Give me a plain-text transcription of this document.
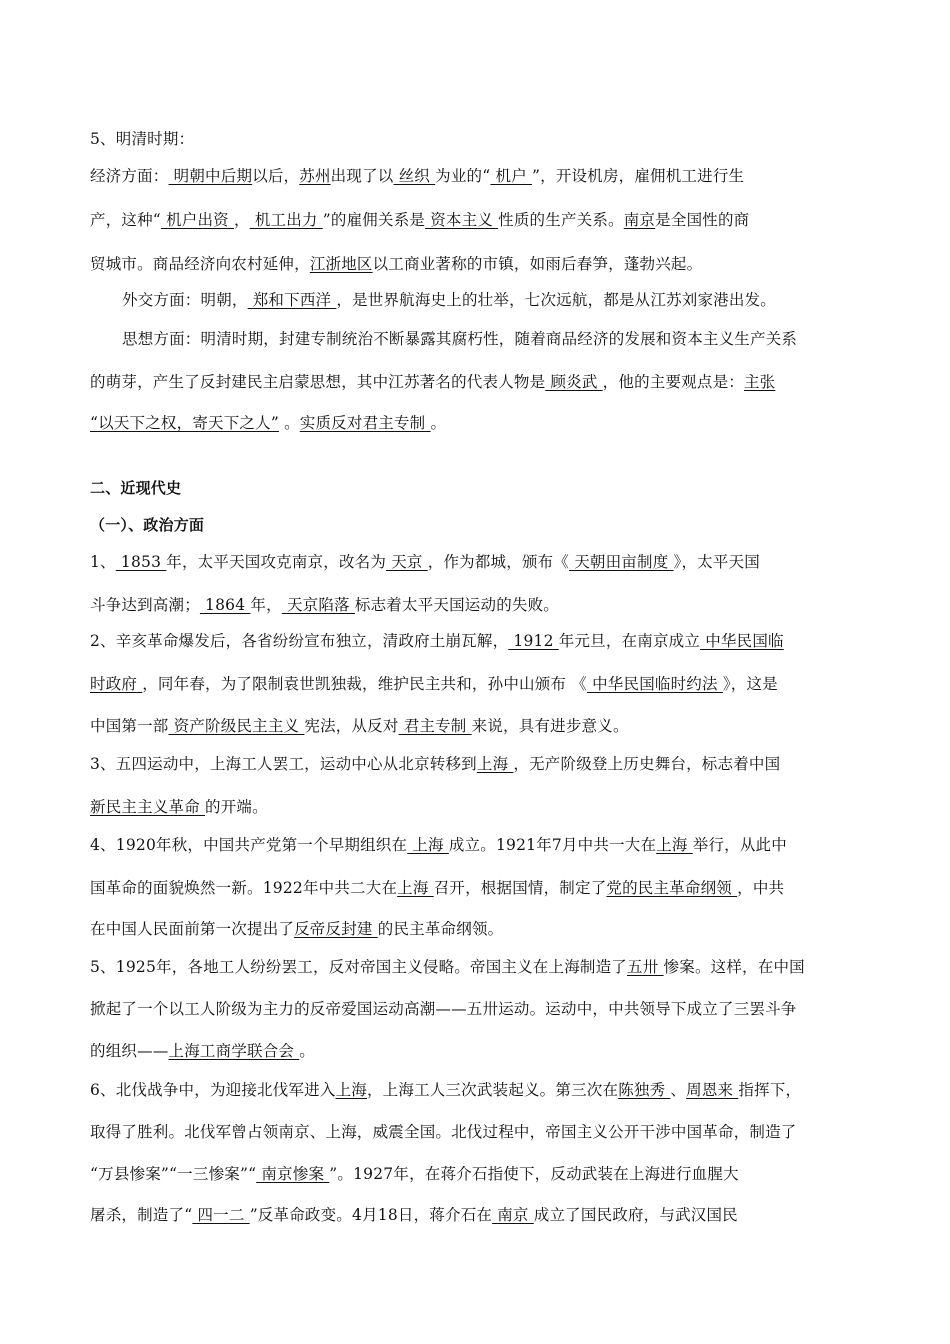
5、明清时期：
经济方面： 明朝中后期以后，苏州出现了以 丝织 为业的“ 机户 ”，开设机房，雇佣机工进行生
产，这种“ 机户出资 ， 机工出力 ”的雇佣关系是 资本主义 性质的生产关系。南京是全国性的商
贸城市。商品经济向农村延伸，江浙地区以工商业著称的市镇，如雨后春笋，蓬勃兴起。
外交方面：明朝， 郑和下西洋 ，是世界航海史上的壮举，七次远航，都是从江苏刘家港出发。
思想方面：明清时期，封建专制统治不断暴露其腐朽性，随着商品经济的发展和资本主义生产关系
的萌芽，产生了反封建民主启蒙思想，其中江苏著名的代表人物是 顾炎武 ，他的主要观点是：主张
“以天下之权，寄天下之人” 。实质反对君主专制 。
二、近现代史
（一）、政治方面
1、 1853 年，太平天国攻克南京，改名为 天京 ，作为都城，颁布《 天朝田亩制度 》，太平天国
斗争达到高潮； 1864 年， 天京陷落 标志着太平天国运动的失败。
2、辛亥革命爆发后，各省纷纷宣布独立，清政府土崩瓦解， 1912 年元旦，在南京成立 中华民国临
时政府 ，同年春，为了限制袁世凯独裁，维护民主共和，孙中山颁布 《 中华民国临时约法 》，这是
中国第一部 资产阶级民主主义 宪法，从反对 君主专制 来说，具有进步意义。
3、五四运动中，上海工人罢工，运动中心从北京转移到上海 ，无产阶级登上历史舞台，标志着中国
新民主主义革命 的开端。
4、1920年秋，中国共产党第一个早期组织在 上海 成立。1921年7月中共一大在上海 举行，从此中
国革命的面貌焕然一新。1922年中共二大在上海 召开，根据国情，制定了党的民主革命纲领 ，中共
在中国人民面前第一次提出了反帝反封建 的民主革命纲领。
5、1925年，各地工人纷纷罢工，反对帝国主义侵略。帝国主义在上海制造了五卅 惨案。这样，在中国
掀起了一个以工人阶级为主力的反帝爱国运动高潮——五卅运动。运动中，中共领导下成立了三罢斗争
的组织——上海工商学联合会 。
6、北伐战争中，为迎接北伐军进入上海，上海工人三次武装起义。第三次在陈独秀 、周恩来 指挥下，
取得了胜利。北伐军曾占领南京、上海，威震全国。北伐过程中，帝国主义公开干涉中国革命，制造了
“万县惨案”“一三惨案”“ 南京惨案 ”。1927年，在蒋介石指使下，反动武装在上海进行血腥大
屠杀，制造了“ 四一二 ”反革命政变。4月18日，蒋介石在 南京 成立了国民政府，与武汉国民
